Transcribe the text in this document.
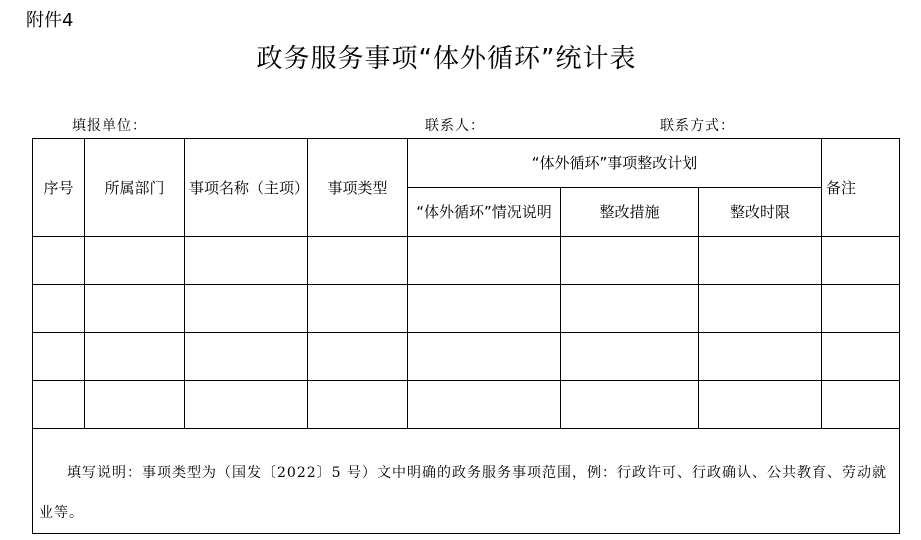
附件4
政务服务事项“体外循环”统计表
填报单位：	联系人：	联系方式：
序号	所属部门	事项名称（主项）	事项类型	“体外循环”事项整改计划			备注
				“体外循环”情况说明	整改措施	整改时限	

填写说明：事项类型为（国发〔2022〕5 号）文中明确的政务服务事项范围，例：行政许可、行政确认、公共教育、劳动就业等。							
